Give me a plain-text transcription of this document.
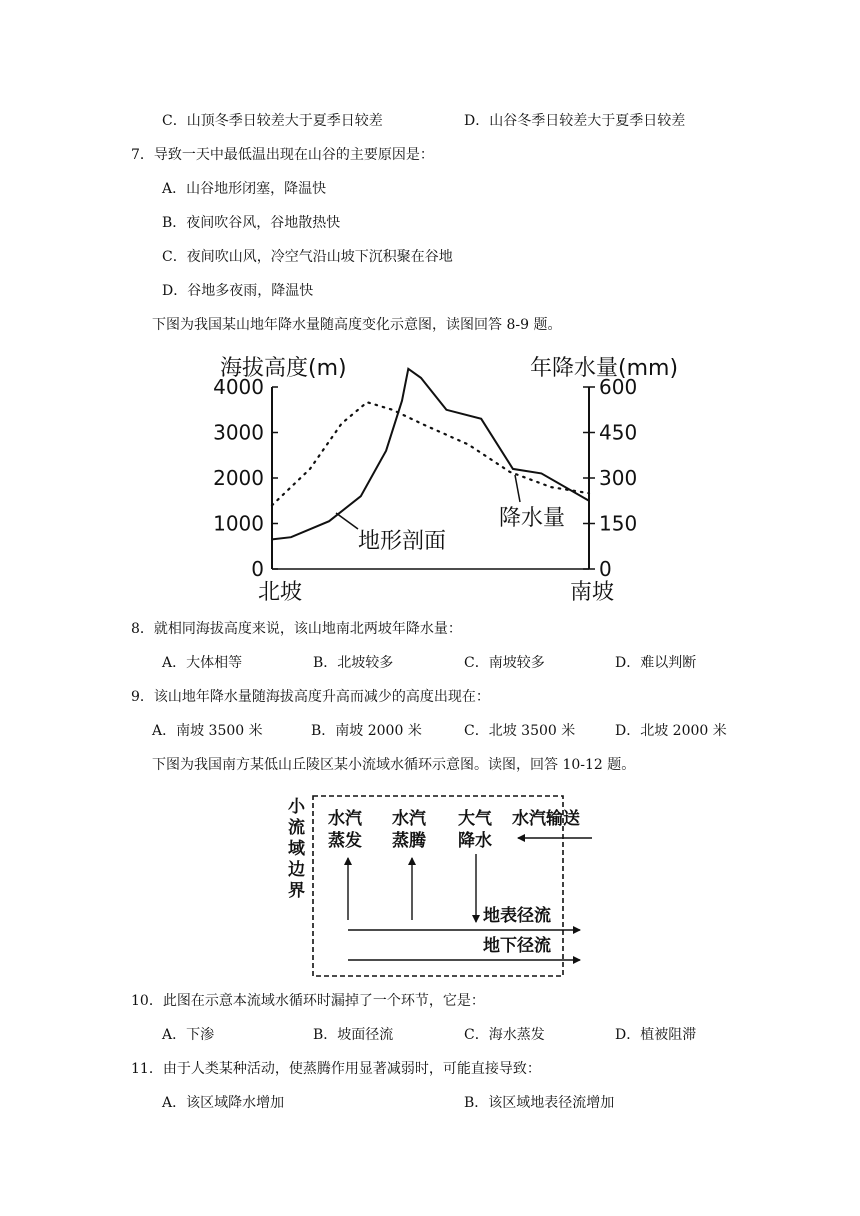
C．山顶冬季日较差大于夏季日较差	D．山谷冬季日较差大于夏季日较差
7．导致一天中最低温出现在山谷的主要原因是：
A．山谷地形闭塞，降温快
B．夜间吹谷风，谷地散热快
C．夜间吹山风，冷空气沿山坡下沉积聚在谷地
D．谷地多夜雨，降温快
下图为我国某山地年降水量随高度变化示意图，读图回答 8-9 题。
海拔高度(m)	年降水量(mm)
0
1000
2000
3000
4000
0
150
300
450
600
地形剖面
降水量
北坡	南坡
8．就相同海拔高度来说，该山地南北两坡年降水量：
A．大体相等	B．北坡较多	C．南坡较多	D．难以判断
9．该山地年降水量随海拔高度升高而减少的高度出现在：
A．南坡 3500 米	B．南坡 2000 米	C．北坡 3500 米	D．北坡 2000 米
下图为我国南方某低山丘陵区某小流域水循环示意图。读图，回答 10-12 题。
小
流
域
边
界
水汽
蒸发
水汽
蒸腾
大气
降水
水汽输送
地表径流
地下径流
10．此图在示意本流域水循环时漏掉了一个环节，它是：
A．下渗	B．坡面径流	C．海水蒸发	D．植被阻滞
11．由于人类某种活动，使蒸腾作用显著减弱时，可能直接导致：
A．该区域降水增加	B．该区域地表径流增加
